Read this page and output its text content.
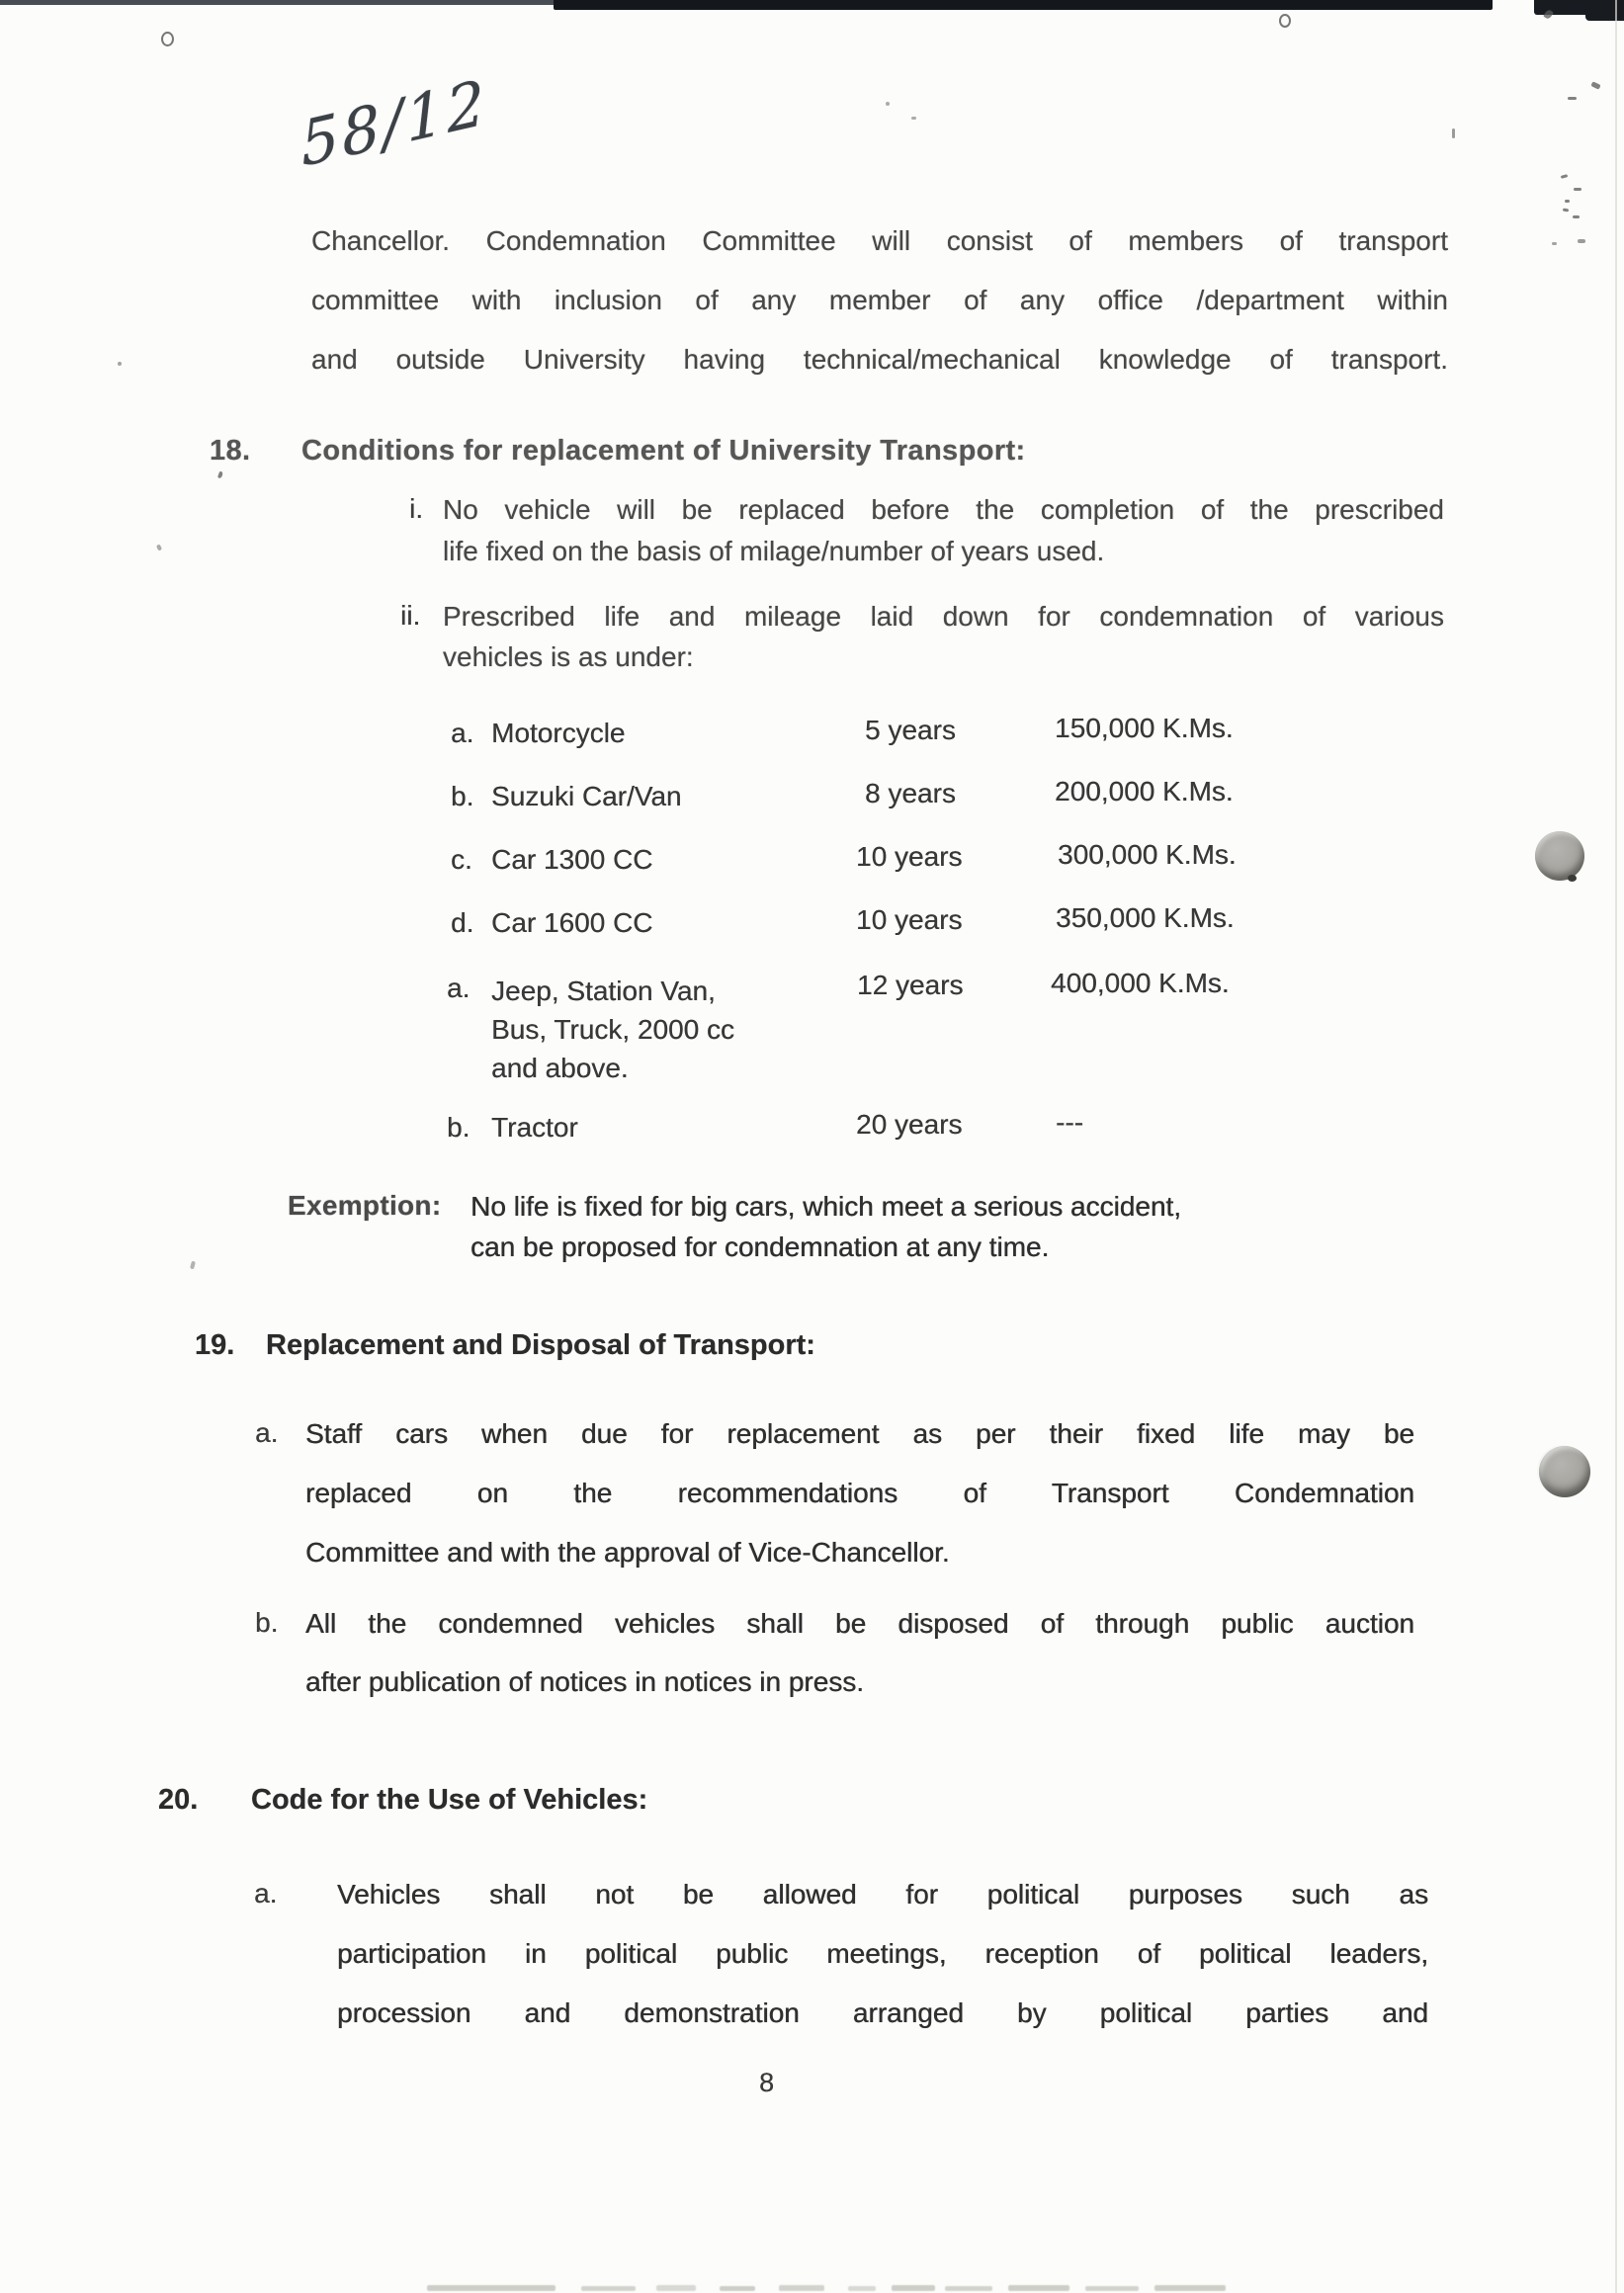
58/12
Chancellor. Condemnation Committee will consist of members of transport
committee with inclusion of any member of any office /department within
and outside University having technical/mechanical knowledge of transport.
18. Conditions for replacement of University Transport:
i. No vehicle will be replaced before the completion of the prescribed
life fixed on the basis of milage/number of years used.
ii. Prescribed life and mileage laid down for condemnation of various
vehicles is as under:
a. Motorcycle	5 years	150,000 K.Ms.
b. Suzuki Car/Van	8 years	200,000 K.Ms.
c. Car 1300 CC	10 years	300,000 K.Ms.
d. Car 1600 CC	10 years	350,000 K.Ms.
a. Jeep, Station Van,
Bus, Truck, 2000 cc
and above.
12 years	400,000 K.Ms.
b. Tractor	20 years	---
Exemption: No life is fixed for big cars, which meet a serious accident,
can be proposed for condemnation at any time.
19. Replacement and Disposal of Transport:
a. Staff cars when due for replacement as per their fixed life may be
replaced on the recommendations of Transport Condemnation
Committee and with the approval of Vice-Chancellor.
b. All the condemned vehicles shall be disposed of through public auction
after publication of notices in notices in press.
20. Code for the Use of Vehicles:
a. Vehicles shall not be allowed for political purposes such as
participation in political public meetings, reception of political leaders,
procession and demonstration arranged by political parties and
8
